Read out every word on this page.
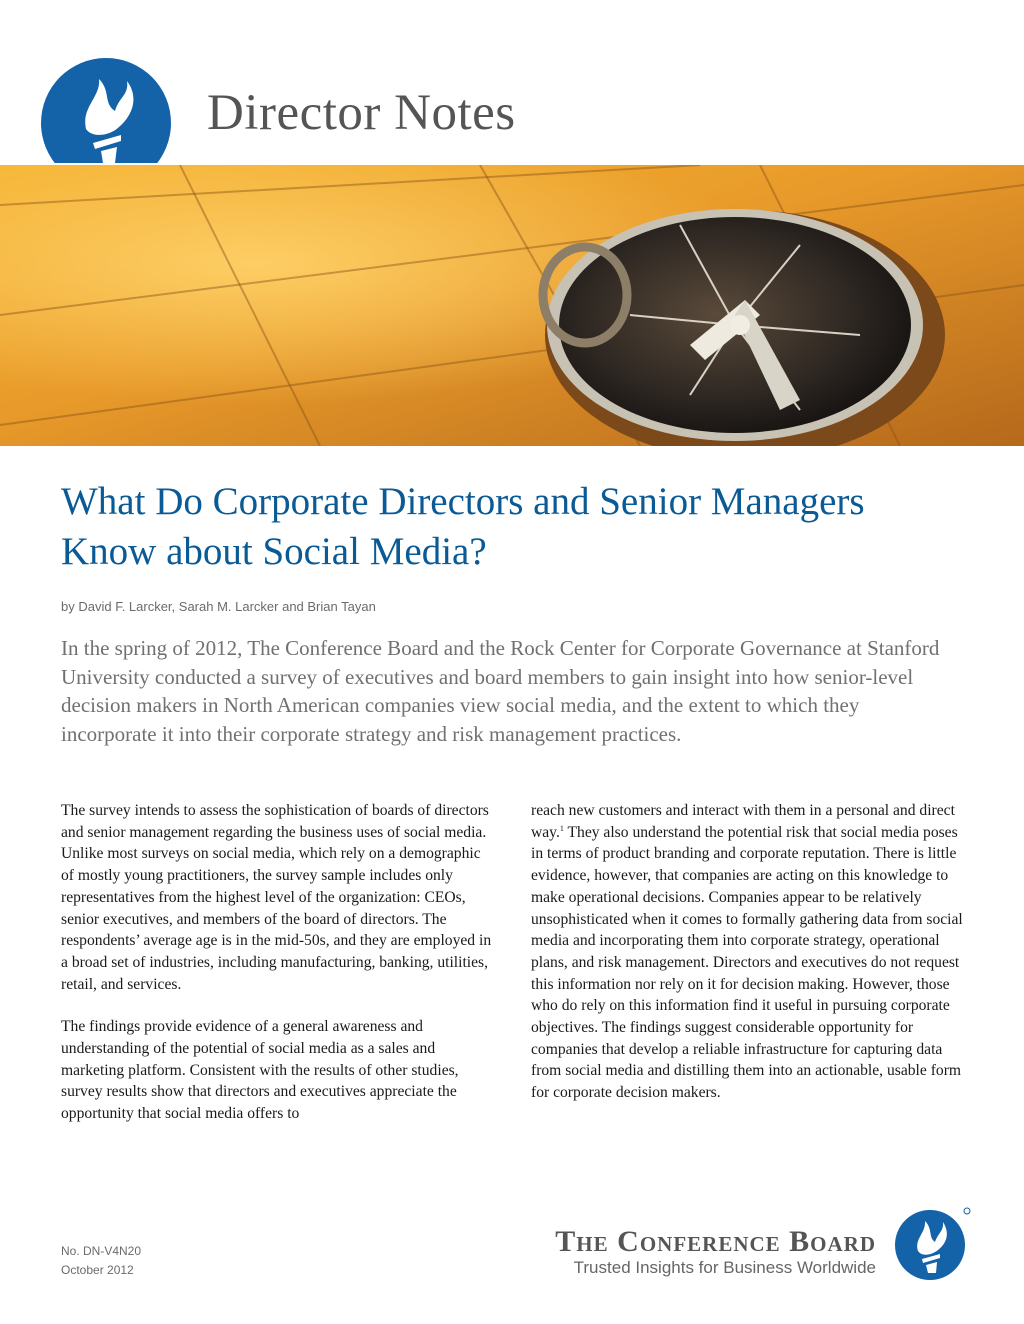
Director Notes
What Do Corporate Directors and Senior Managers Know about Social Media?
by David F. Larcker, Sarah M. Larcker and Brian Tayan

In the spring of 2012, The Conference Board and the Rock Center for Corporate Governance at Stanford University conducted a survey of executives and board members to gain insight into how senior-level decision makers in North American companies view social media, and the extent to which they incorporate it into their corporate strategy and risk management practices.

The survey intends to assess the sophistication of boards of directors and senior management regarding the business uses of social media. Unlike most surveys on social media, which rely on a demographic of mostly young practitioners, the survey sample includes only representatives from the highest level of the organization: CEOs, senior executives, and members of the board of directors. The respondents’ average age is in the mid-50s, and they are employed in a broad set of industries, including manufacturing, banking, utilities, retail, and services.

The findings provide evidence of a general awareness and understanding of the potential of social media as a sales and marketing platform. Consistent with the results of other studies, survey results show that directors and executives appreciate the opportunity that social media offers to

reach new customers and interact with them in a personal and direct way.$^1$ They also understand the potential risk that social media poses in terms of product branding and corporate reputation. There is little evidence, however, that companies are acting on this knowledge to make operational decisions. Companies appear to be relatively unsophisticated when it comes to formally gathering data from social media and incorporating them into corporate strategy, operational plans, and risk management. Directors and executives do not request this information nor rely on it for decision making. However, those who do rely on this information find it useful in pursuing corporate objectives. The findings suggest considerable opportunity for companies that develop a reliable infrastructure for capturing data from social media and distilling them into an actionable, usable form for corporate decision makers.

No. DN-V4N20
October 2012
The Conference Board
Trusted Insights for Business Worldwide
